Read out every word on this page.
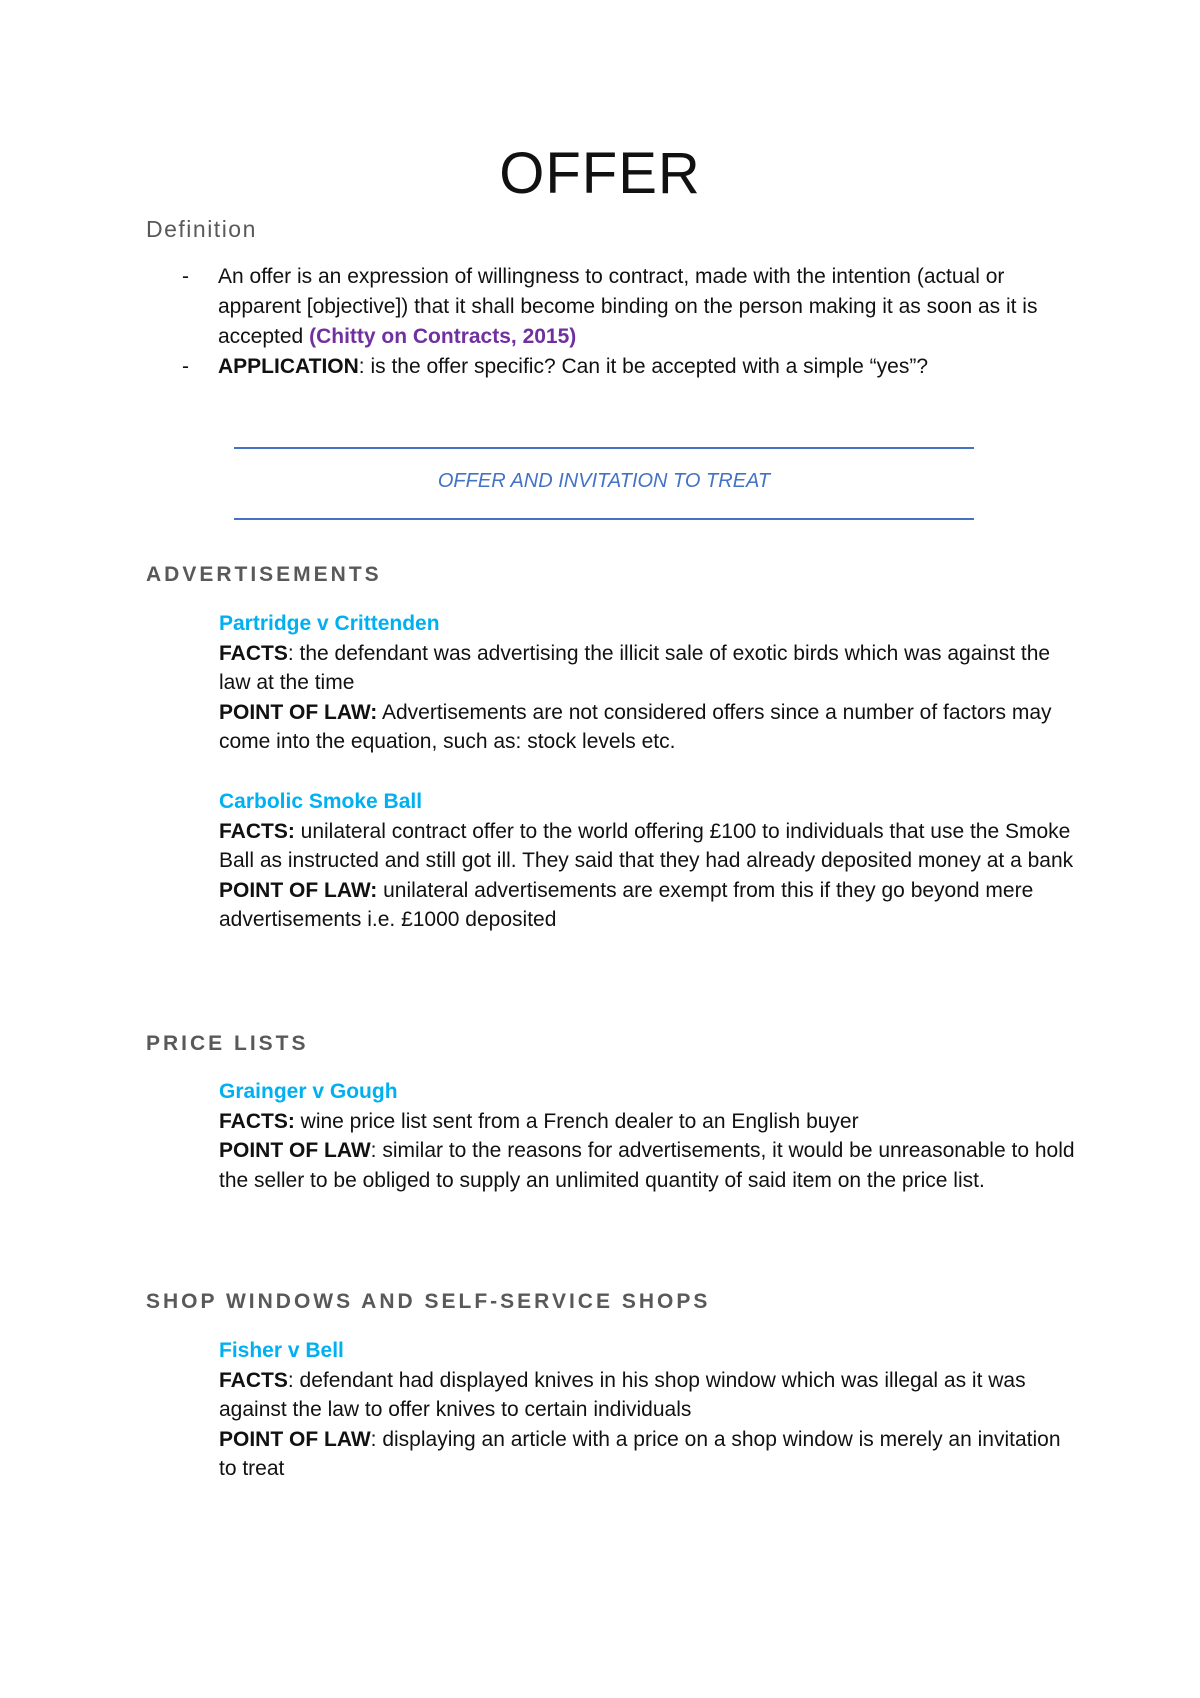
OFFER
Definition
- An offer is an expression of willingness to contract, made with the intention (actual or apparent [objective]) that it shall become binding on the person making it as soon as it is accepted (Chitty on Contracts, 2015)
- APPLICATION: is the offer specific? Can it be accepted with a simple “yes”?
OFFER AND INVITATION TO TREAT
ADVERTISEMENTS

Partridge v Crittenden

FACTS: the defendant was advertising the illicit sale of exotic birds which was against the law at the time

POINT OF LAW: Advertisements are not considered offers since a number of factors may come into the equation, such as: stock levels etc.

Carbolic Smoke Ball

FACTS: unilateral contract offer to the world offering £100 to individuals that use the Smoke Ball as instructed and still got ill. They said that they had already deposited money at a bank

POINT OF LAW: unilateral advertisements are exempt from this if they go beyond mere advertisements i.e. £1000 deposited

PRICE LISTS

Grainger v Gough

FACTS: wine price list sent from a French dealer to an English buyer

POINT OF LAW: similar to the reasons for advertisements, it would be unreasonable to hold the seller to be obliged to supply an unlimited quantity of said item on the price list.

SHOP WINDOWS AND SELF-SERVICE SHOPS

Fisher v Bell

FACTS: defendant had displayed knives in his shop window which was illegal as it was against the law to offer knives to certain individuals

POINT OF LAW: displaying an article with a price on a shop window is merely an invitation to treat
